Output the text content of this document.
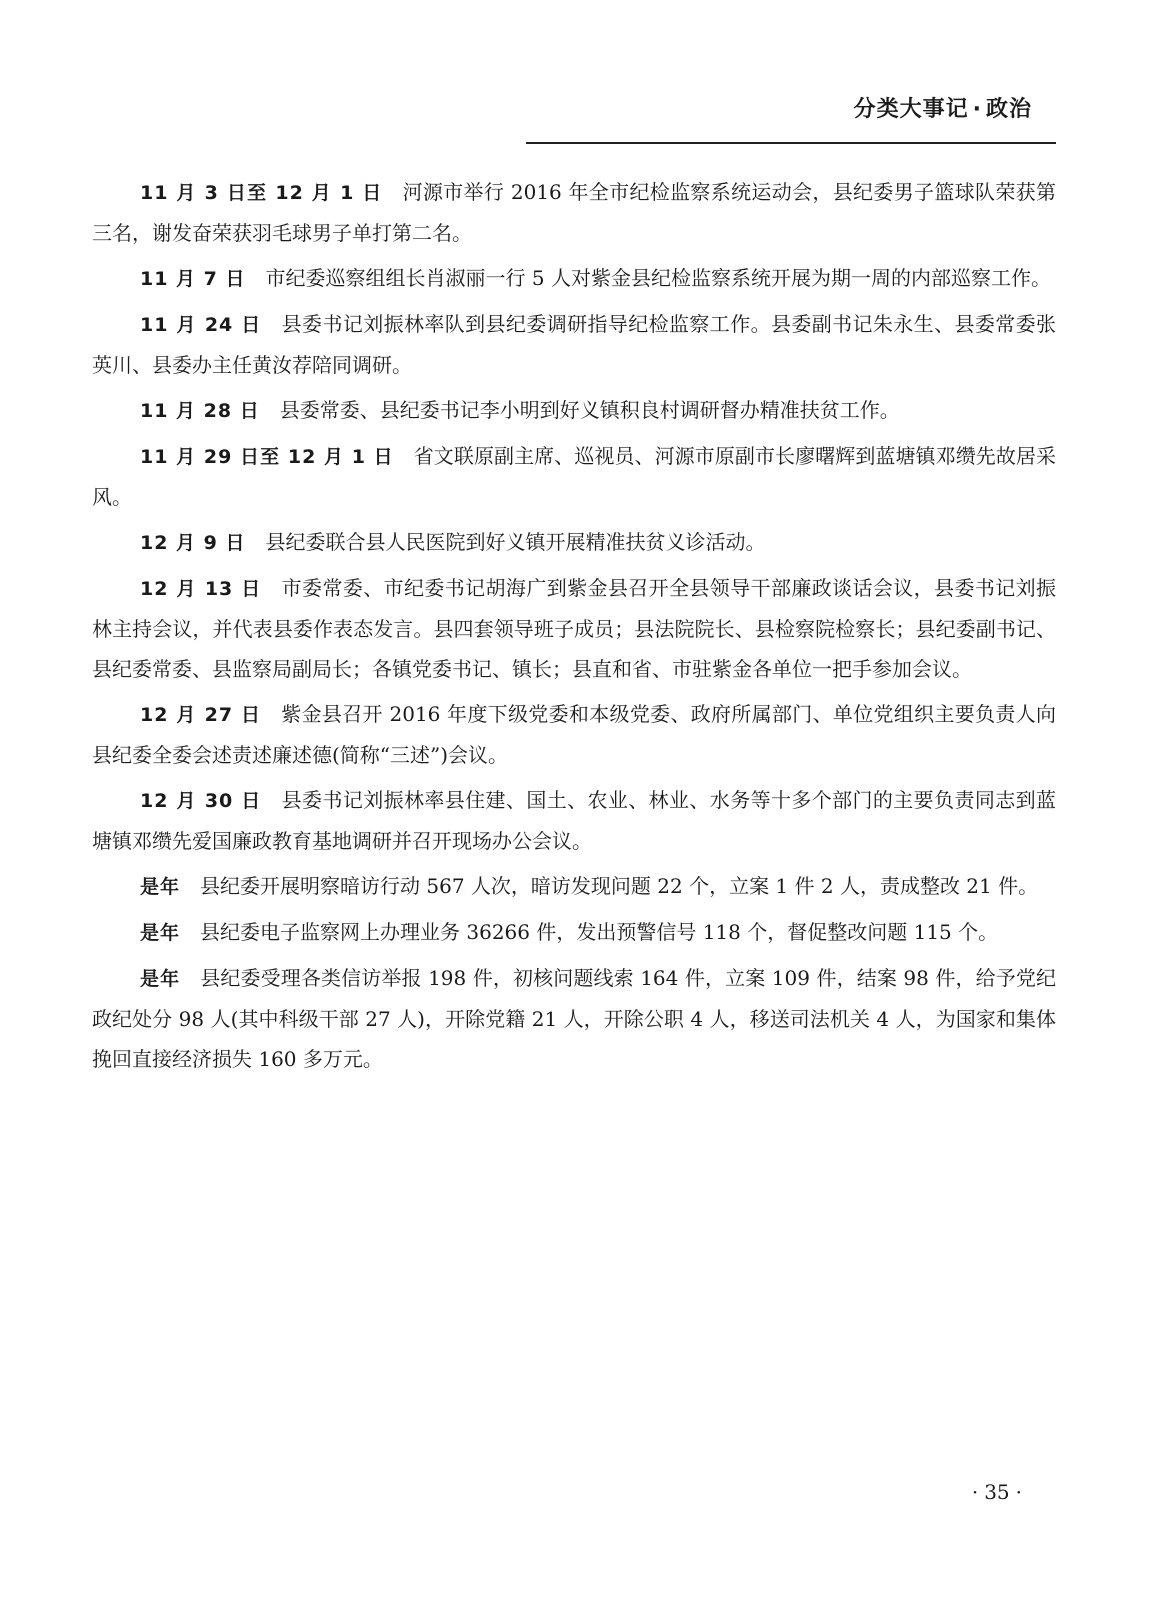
分类大事记 · 政治

11 月 3 日至 12 月 1 日 河源市举行 2016 年全市纪检监察系统运动会，县纪委男子篮球队荣获第三名，谢发奋荣获羽毛球男子单打第二名。

11 月 7 日 市纪委巡察组组长肖淑丽一行 5 人对紫金县纪检监察系统开展为期一周的内部巡察工作。

11 月 24 日 县委书记刘振林率队到县纪委调研指导纪检监察工作。县委副书记朱永生、县委常委张英川、县委办主任黄汝荐陪同调研。

11 月 28 日 县委常委、县纪委书记李小明到好义镇积良村调研督办精准扶贫工作。

11 月 29 日至 12 月 1 日 省文联原副主席、巡视员、河源市原副市长廖曙辉到蓝塘镇邓缵先故居采风。

12 月 9 日 县纪委联合县人民医院到好义镇开展精准扶贫义诊活动。

12 月 13 日 市委常委、市纪委书记胡海广到紫金县召开全县领导干部廉政谈话会议，县委书记刘振林主持会议，并代表县委作表态发言。县四套领导班子成员；县法院院长、县检察院检察长；县纪委副书记、县纪委常委、县监察局副局长；各镇党委书记、镇长；县直和省、市驻紫金各单位一把手参加会议。

12 月 27 日 紫金县召开 2016 年度下级党委和本级党委、政府所属部门、单位党组织主要负责人向县纪委全委会述责述廉述德(简称“三述”)会议。

12 月 30 日 县委书记刘振林率县住建、国土、农业、林业、水务等十多个部门的主要负责同志到蓝塘镇邓缵先爱国廉政教育基地调研并召开现场办公会议。

是年 县纪委开展明察暗访行动 567 人次，暗访发现问题 22 个，立案 1 件 2 人，责成整改 21 件。

是年 县纪委电子监察网上办理业务 36266 件，发出预警信号 118 个，督促整改问题 115 个。

是年 县纪委受理各类信访举报 198 件，初核问题线索 164 件，立案 109 件，结案 98 件，给予党纪政纪处分 98 人(其中科级干部 27 人)，开除党籍 21 人，开除公职 4 人，移送司法机关 4 人，为国家和集体挽回直接经济损失 160 多万元。

· 35 ·
